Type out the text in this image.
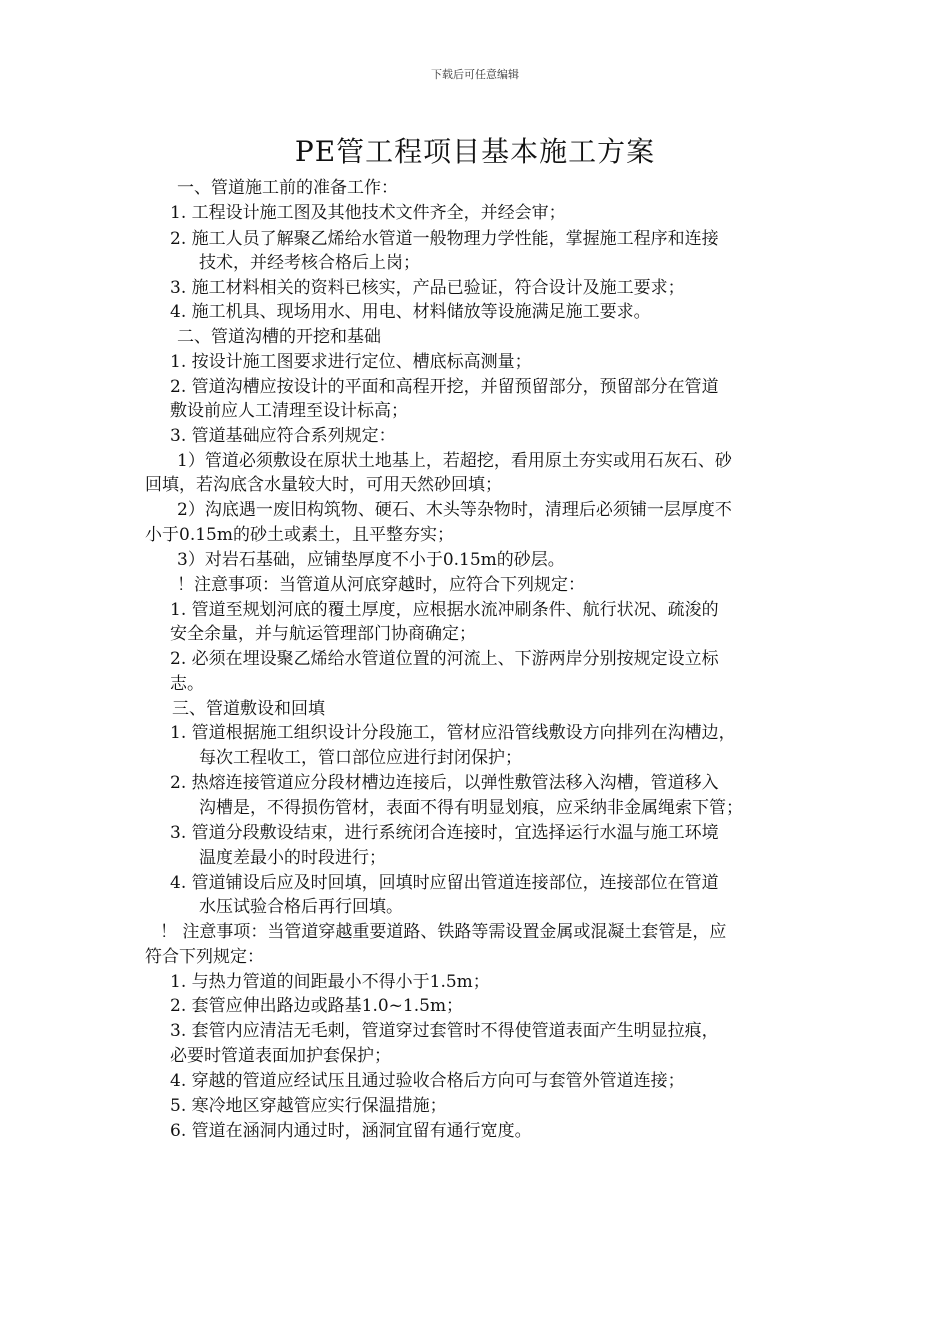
下载后可任意编辑
PE管工程项目基本施工方案
一、管道施工前的准备工作：
1. 工程设计施工图及其他技术文件齐全，并经会审；
2. 施工人员了解聚乙烯给水管道一般物理力学性能，掌握施工程序和连接
技术，并经考核合格后上岗；
3. 施工材料相关的资料已核实，产品已验证，符合设计及施工要求；
4. 施工机具、现场用水、用电、材料储放等设施满足施工要求。
二、管道沟槽的开挖和基础
1. 按设计施工图要求进行定位、槽底标高测量；
2. 管道沟槽应按设计的平面和高程开挖，并留预留部分，预留部分在管道
敷设前应人工清理至设计标高；
3. 管道基础应符合系列规定：
1）管道必须敷设在原状土地基上，若超挖，看用原土夯实或用石灰石、砂
回填，若沟底含水量较大时，可用天然砂回填；
2）沟底遇一废旧构筑物、硬石、木头等杂物时，清理后必须铺一层厚度不
小于0.15m的砂土或素土，且平整夯实；
3）对岩石基础，应铺垫厚度不小于0.15m的砂层。
！注意事项：当管道从河底穿越时，应符合下列规定：
1. 管道至规划河底的覆土厚度，应根据水流冲刷条件、航行状况、疏浚的
安全余量，并与航运管理部门协商确定；
2. 必须在埋设聚乙烯给水管道位置的河流上、下游两岸分别按规定设立标
志。
三、管道敷设和回填
1. 管道根据施工组织设计分段施工，管材应沿管线敷设方向排列在沟槽边，
每次工程收工，管口部位应进行封闭保护；
2. 热熔连接管道应分段材槽边连接后，以弹性敷管法移入沟槽，管道移入
沟槽是，不得损伤管材，表面不得有明显划痕，应采纳非金属绳索下管；
3. 管道分段敷设结束，进行系统闭合连接时，宜选择运行水温与施工环境
温度差最小的时段进行；
4. 管道铺设后应及时回填，回填时应留出管道连接部位，连接部位在管道
水压试验合格后再行回填。
！ 注意事项：当管道穿越重要道路、铁路等需设置金属或混凝土套管是，应
符合下列规定：
1. 与热力管道的间距最小不得小于1.5m；
2. 套管应伸出路边或路基1.0~1.5m；
3. 套管内应清洁无毛刺，管道穿过套管时不得使管道表面产生明显拉痕，
必要时管道表面加护套保护；
4. 穿越的管道应经试压且通过验收合格后方向可与套管外管道连接；
5. 寒冷地区穿越管应实行保温措施；
6. 管道在涵洞内通过时，涵洞宜留有通行宽度。
